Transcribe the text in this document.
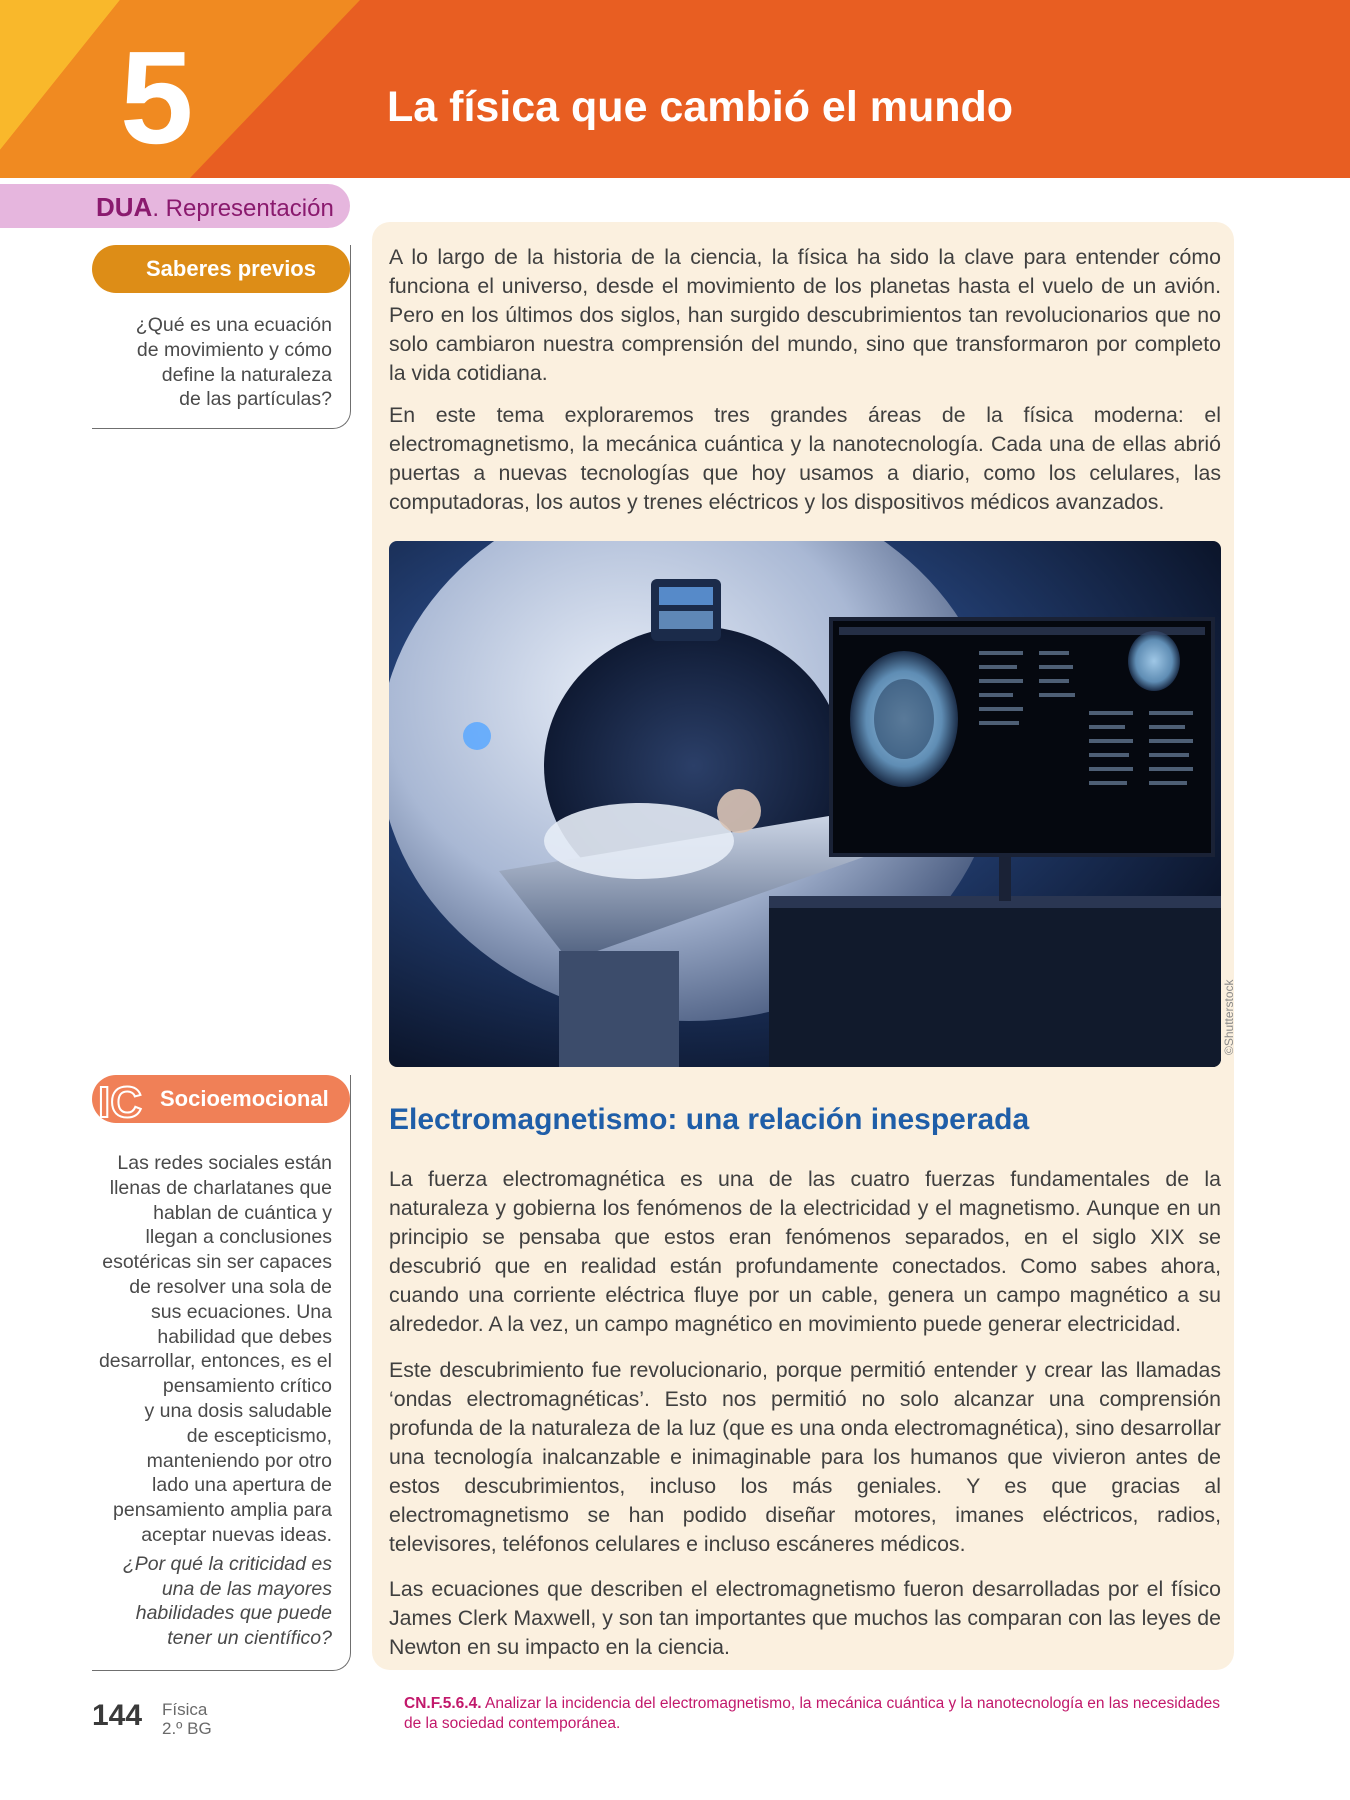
5	La física que cambió el mundo
DUA. Representación
Saberes previos
¿Qué es una ecuación
de movimiento y cómo
define la naturaleza
de las partículas?
IC Socioemocional
Las redes sociales están
llenas de charlatanes que
hablan de cuántica y
llegan a conclusiones
esotéricas sin ser capaces
de resolver una sola de
sus ecuaciones. Una
habilidad que debes
desarrollar, entonces, es el
pensamiento crítico
y una dosis saludable
de escepticismo,
manteniendo por otro
lado una apertura de
pensamiento amplia para
aceptar nuevas ideas.
¿Por qué la criticidad es
una de las mayores
habilidades que puede
tener un científico?

A lo largo de la historia de la ciencia, la física ha sido la clave para entender cómo funciona el universo, desde el movimiento de los planetas hasta el vuelo de un avión. Pero en los últimos dos siglos, han surgido descubrimientos tan revolucionarios que no solo cambiaron nuestra comprensión del mundo, sino que transformaron por completo la vida cotidiana.

En este tema exploraremos tres grandes áreas de la física moderna: el electromagnetismo, la mecánica cuántica y la nanotecnología. Cada una de ellas abrió puertas a nuevas tecnologías que hoy usamos a diario, como los celulares, las computadoras, los autos y trenes eléctricos y los dispositivos médicos avanzados.

©Shutterstock
Electromagnetismo: una relación inesperada

La fuerza electromagnética es una de las cuatro fuerzas fundamentales de la naturaleza y gobierna los fenómenos de la electricidad y el magnetismo. Aunque en un principio se pensaba que estos eran fenómenos separados, en el siglo XIX se descubrió que en realidad están profundamente conectados. Como sabes ahora, cuando una corriente eléctrica fluye por un cable, genera un campo magnético a su alrededor. A la vez, un campo magnético en movimiento puede generar electricidad.

Este descubrimiento fue revolucionario, porque permitió entender y crear las llamadas ‘ondas electromagnéticas’. Esto nos permitió no solo alcanzar una comprensión profunda de la naturaleza de la luz (que es una onda electromagnética), sino desarrollar una tecnología inalcanzable e inimaginable para los humanos que vivieron antes de estos descubrimientos, incluso los más geniales. Y es que gracias al electromagnetismo se han podido diseñar motores, imanes eléctricos, radios, televisores, teléfonos celulares e incluso escáneres médicos.

Las ecuaciones que describen el electromagnetismo fueron desarrolladas por el físico James Clerk Maxwell, y son tan importantes que muchos las comparan con las leyes de Newton en su impacto en la ciencia.

144 Física
2.º BG
CN.F.5.6.4. Analizar la incidencia del electromagnetismo, la mecánica cuántica y la nanotecnología en las necesidades de la sociedad contemporánea.
